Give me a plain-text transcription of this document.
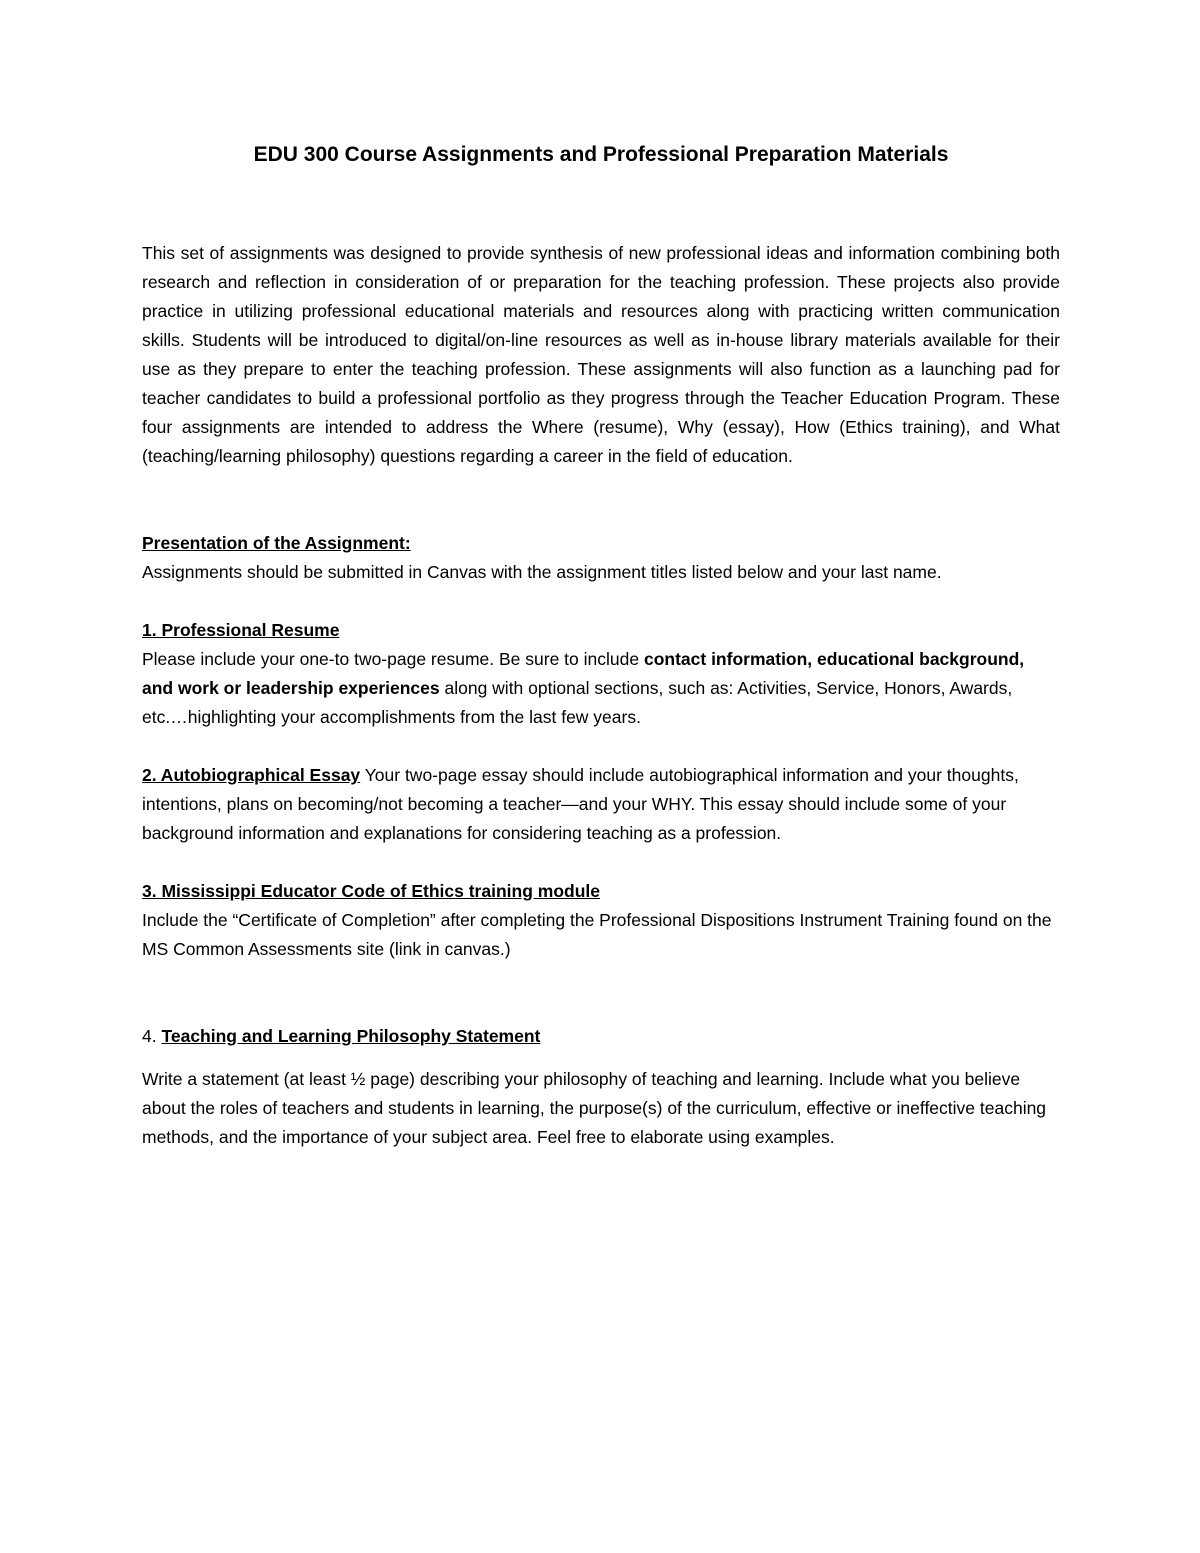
EDU 300 Course Assignments and Professional Preparation Materials

This set of assignments was designed to provide synthesis of new professional ideas and information combining both research and reflection in consideration of or preparation for the teaching profession. These projects also provide practice in utilizing professional educational materials and resources along with practicing written communication skills. Students will be introduced to digital/on-line resources as well as in-house library materials available for their use as they prepare to enter the teaching profession. These assignments will also function as a launching pad for teacher candidates to build a professional portfolio as they progress through the Teacher Education Program. These four assignments are intended to address the Where (resume), Why (essay), How (Ethics training), and What (teaching/learning philosophy) questions regarding a career in the field of education.

Presentation of the Assignment:

Assignments should be submitted in Canvas with the assignment titles listed below and your last name.

1. Professional Resume

Please include your one-to two-page resume. Be sure to include contact information, educational background, and work or leadership experiences along with optional sections, such as: Activities, Service, Honors, Awards, etc.…highlighting your accomplishments from the last few years.

2. Autobiographical Essay Your two-page essay should include autobiographical information and your thoughts, intentions, plans on becoming/not becoming a teacher—and your WHY. This essay should include some of your background information and explanations for considering teaching as a profession.

3. Mississippi Educator Code of Ethics training module

Include the “Certificate of Completion” after completing the Professional Dispositions Instrument Training found on the MS Common Assessments site (link in canvas.)

4. Teaching and Learning Philosophy Statement

Write a statement (at least ½ page) describing your philosophy of teaching and learning. Include what you believe about the roles of teachers and students in learning, the purpose(s) of the curriculum, effective or ineffective teaching methods, and the importance of your subject area. Feel free to elaborate using examples.
